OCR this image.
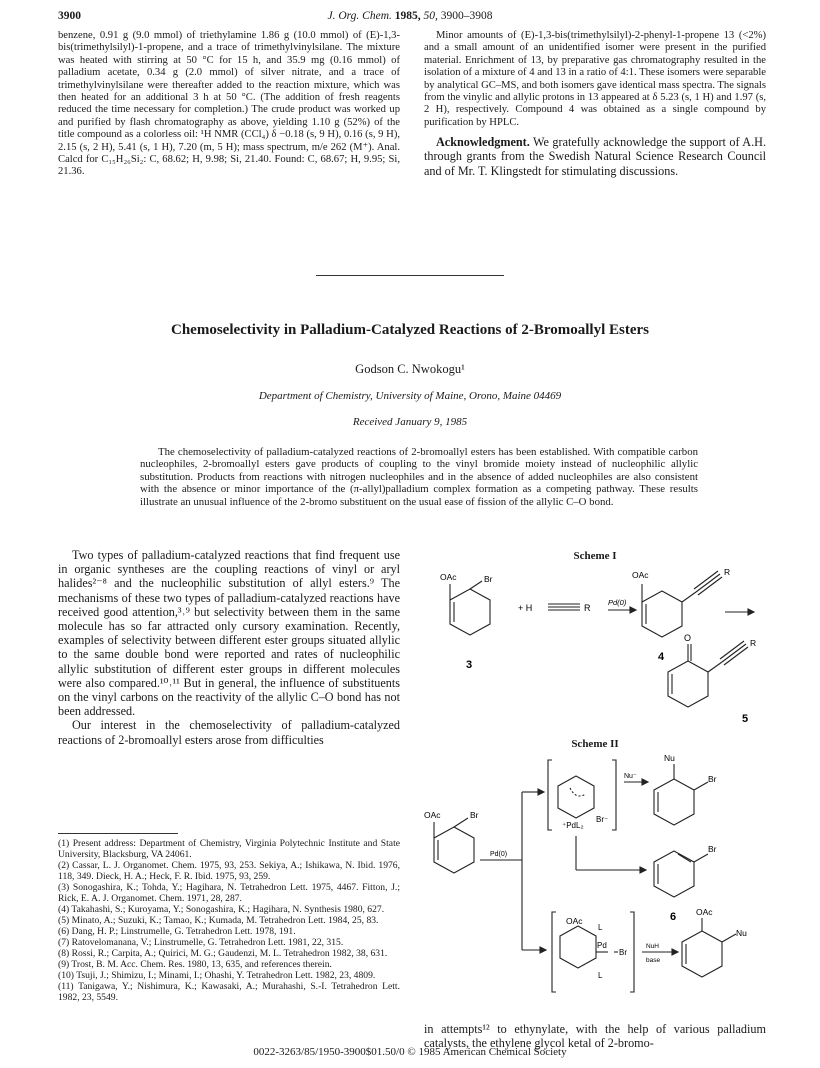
3900	J. Org. Chem. 1985, 50, 3900–3908

benzene, 0.91 g (9.0 mmol) of triethylamine 1.86 g (10.0 mmol) of (E)-1,3-bis(trimethylsilyl)-1-propene, and a trace of trimethylvinylsilane. The mixture was heated with stirring at 50 °C for 15 h, and 35.9 mg (0.16 mmol) of palladium acetate, 0.34 g (2.0 mmol) of silver nitrate, and a trace of trimethylvinylsilane were thereafter added to the reaction mixture, which was then heated for an additional 3 h at 50 °C. (The addition of fresh reagents reduced the time necessary for completion.) The crude product was worked up and purified by flash chromatography as above, yielding 1.10 g (52%) of the title compound as a colorless oil: ¹H NMR (CCl₄) δ −0.18 (s, 9 H), 0.16 (s, 9 H), 2.15 (s, 2 H), 5.41 (s, 1 H), 7.20 (m, 5 H); mass spectrum, m/e 262 (M⁺). Anal. Calcd for C₁₅H₂₆Si₂: C, 68.62; H, 9.98; Si, 21.40. Found: C, 68.67; H, 9.95; Si, 21.36.

Minor amounts of (E)-1,3-bis(trimethylsilyl)-2-phenyl-1-propene 13 (<2%) and a small amount of an unidentified isomer were present in the purified material. Enrichment of 13, by preparative gas chromatography resulted in the isolation of a mixture of 4 and 13 in a ratio of 4:1. These isomers were separable by analytical GC–MS, and both isomers gave identical mass spectra. The signals from the vinylic and allylic protons in 13 appeared at δ 5.23 (s, 1 H) and 1.97 (s, 2 H), respectively. Compound 4 was obtained as a single compound by purification by HPLC.

Acknowledgment. We gratefully acknowledge the support of A.H. through grants from the Swedish Natural Science Research Council and of Mr. T. Klingstedt for stimulating discussions.

Chemoselectivity in Palladium-Catalyzed Reactions of 2-Bromoallyl Esters
Godson C. Nwokogu¹
Department of Chemistry, University of Maine, Orono, Maine 04469
Received January 9, 1985
The chemoselectivity of palladium-catalyzed reactions of 2-bromoallyl esters has been established. With compatible carbon nucleophiles, 2-bromoallyl esters gave products of coupling to the vinyl bromide moiety instead of nucleophilic allylic substitution. Products from reactions with nitrogen nucleophiles and in the absence of added nucleophiles are also consistent with the absence or minor importance of the (π-allyl)palladium complex formation as a competing pathway. These results illustrate an unusual influence of the 2-bromo substituent on the usual ease of fission of the allylic C–O bond.

Two types of palladium-catalyzed reactions that find frequent use in organic syntheses are the coupling reactions of vinyl or aryl halides²⁻⁸ and the nucleophilic substitution of allyl esters.⁹ The mechanisms of these two types of palladium-catalyzed reactions have received good attention,³˒⁹ but selectivity between them in the same molecule has so far attracted only cursory examination. Recently, examples of selectivity between different ester groups situated allylic to the same double bond were reported and rates of nucleophilic allylic substitution of different ester groups in different molecules were also compared.¹⁰˒¹¹ But in general, the influence of substituents on the vinyl carbons on the reactivity of the allylic C–O bond has not been addressed.

Our interest in the chemoselectivity of palladium-catalyzed reactions of 2-bromoallyl esters arose from difficulties

(1) Present address: Department of Chemistry, Virginia Polytechnic Institute and State University, Blacksburg, VA 24061.

(2) Cassar, L. J. Organomet. Chem. 1975, 93, 253. Sekiya, A.; Ishikawa, N. Ibid. 1976, 118, 349. Dieck, H. A.; Heck, F. R. Ibid. 1975, 93, 259.

(3) Sonogashira, K.; Tohda, Y.; Hagihara, N. Tetrahedron Lett. 1975, 4467. Fitton, J.; Rick, E. A. J. Organomet. Chem. 1971, 28, 287.

(4) Takahashi, S.; Kuroyama, Y.; Sonogashira, K.; Hagihara, N. Synthesis 1980, 627.

(5) Minato, A.; Suzuki, K.; Tamao, K.; Kumada, M. Tetrahedron Lett. 1984, 25, 83.

(6) Dang, H. P.; Linstrumelle, G. Tetrahedron Lett. 1978, 191.

(7) Ratovelomanana, V.; Linstrumelle, G. Tetrahedron Lett. 1981, 22, 315.

(8) Rossi, R.; Carpita, A.; Quirici, M. G.; Gaudenzi, M. L. Tetrahedron 1982, 38, 631.

(9) Trost, B. M. Acc. Chem. Res. 1980, 13, 635, and references therein.

(10) Tsuji, J.; Shimizu, I.; Minami, I.; Ohashi, Y. Tetrahedron Lett. 1982, 23, 4809.

(11) Tanigawa, Y.; Nishimura, K.; Kawasaki, A.; Murahashi, S.-I. Tetrahedron Lett. 1982, 23, 5549.

Scheme I
OAc	Br
+ H	R
Pd(0)
OAc	R
O	R
3
4
5
Scheme II
OAc	Br
Pd(0)
⁺PdL₂
Br⁻
Nu⁻
Nu
Br
Br
6
OAc
L
Pd
Br
L
NuH
base
OAc
Nu
in attempts¹² to ethynylate, with the help of various palladium catalysts, the ethylene glycol ketal of 2-bromo-
0022-3263/85/1950-3900$01.50/0 © 1985 American Chemical Society
